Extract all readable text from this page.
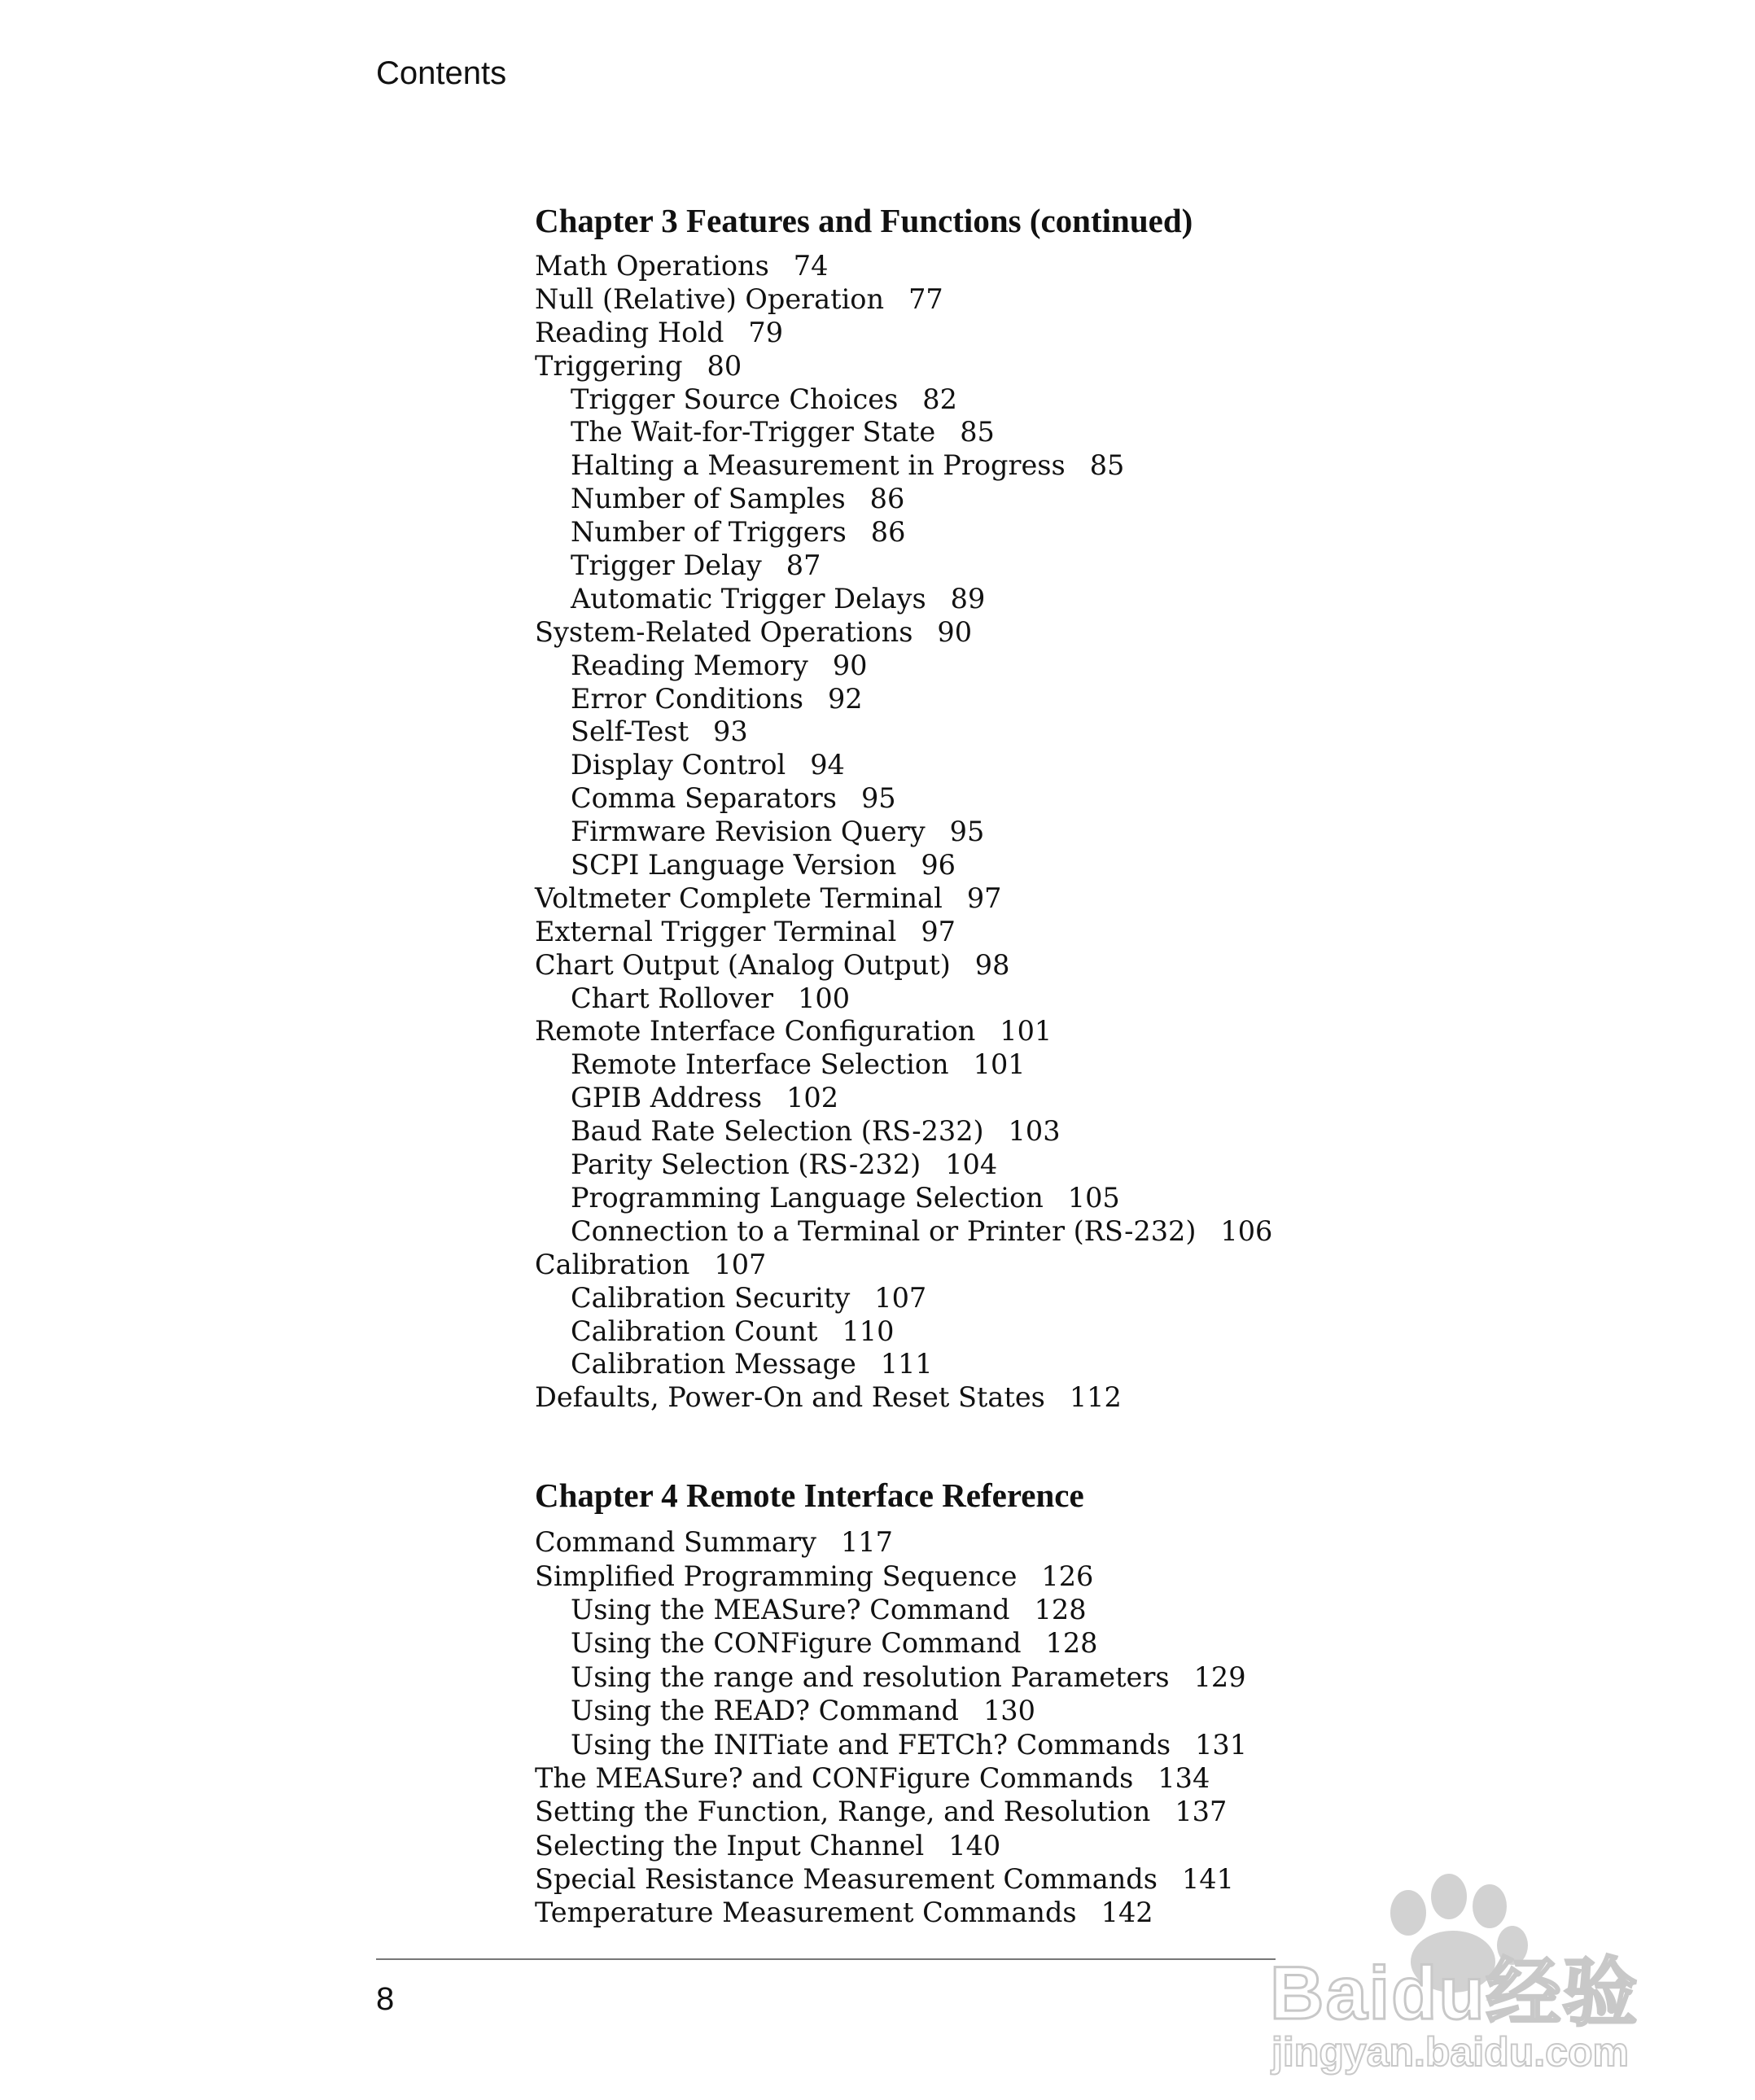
Contents
Chapter 3 Features and Functions (continued)
Math Operations 74
Null (Relative) Operation 77
Reading Hold 79
Triggering 80
Trigger Source Choices 82
The Wait-for-Trigger State 85
Halting a Measurement in Progress 85
Number of Samples 86
Number of Triggers 86
Trigger Delay 87
Automatic Trigger Delays 89
System-Related Operations 90
Reading Memory 90
Error Conditions 92
Self-Test 93
Display Control 94
Comma Separators 95
Firmware Revision Query 95
SCPI Language Version 96
Voltmeter Complete Terminal 97
External Trigger Terminal 97
Chart Output (Analog Output) 98
Chart Rollover 100
Remote Interface Configuration 101
Remote Interface Selection 101
GPIB Address 102
Baud Rate Selection (RS-232) 103
Parity Selection (RS-232) 104
Programming Language Selection 105
Connection to a Terminal or Printer (RS-232) 106
Calibration 107
Calibration Security 107
Calibration Count 110
Calibration Message 111
Defaults, Power-On and Reset States 112
Chapter 4 Remote Interface Reference
Command Summary 117
Simplified Programming Sequence 126
Using the MEASure? Command 128
Using the CONFigure Command 128
Using the range and resolution Parameters 129
Using the READ? Command 130
Using the INITiate and FETCh? Commands 131
The MEASure? and CONFigure Commands 134
Setting the Function, Range, and Resolution 137
Selecting the Input Channel 140
Special Resistance Measurement Commands 141
Temperature Measurement Commands 142
8	Baidu经验
jingyan.baidu.com
